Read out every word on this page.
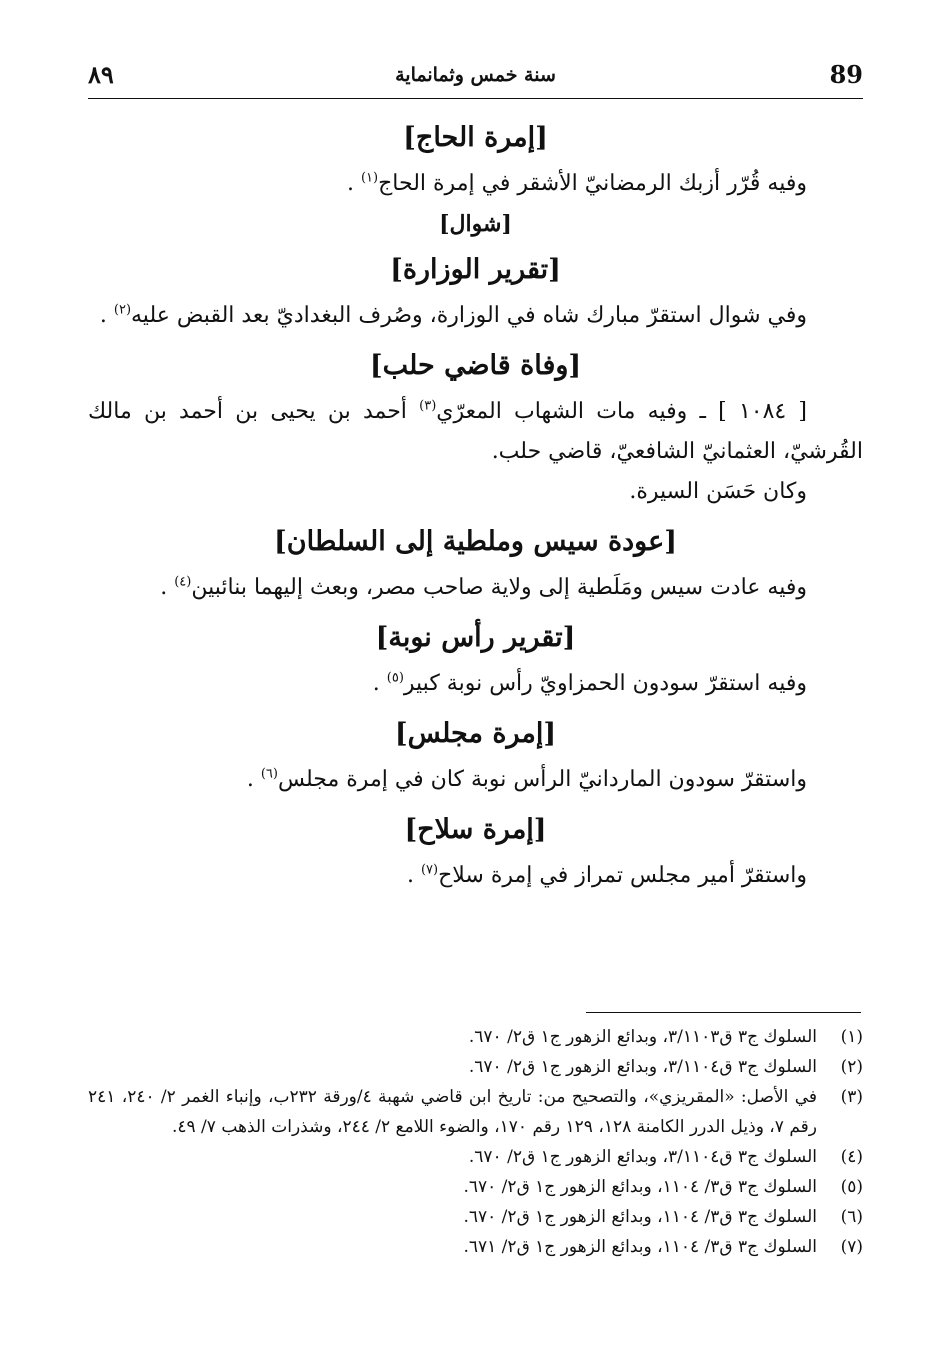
89
سنة خمس وثمانماية
٨٩
[إمرة الحاج]

وفيه قُرّر أزبك الرمضانيّ الأشقر في إمرة الحاج$^{(١)}$ .

[شوال]
[تقرير الوزارة]

وفي شوال استقرّ مبارك شاه في الوزارة، وصُرف البغداديّ بعد القبض عليه$^{(٢)}$ .

[وفاة قاضي حلب]

[ ١٠٨٤ ] ـ وفيه مات الشهاب المعرّي$^{(٣)}$ أحمد بن يحيى بن أحمد بن مالك القُرشيّ، العثمانيّ الشافعيّ، قاضي حلب.

وكان حَسَن السيرة.

[عودة سيس وملطية إلى السلطان]

وفيه عادت سيس ومَلَطية إلى ولاية صاحب مصر، وبعث إليهما بنائبين$^{(٤)}$ .

[تقرير رأس نوبة]

وفيه استقرّ سودون الحمزاويّ رأس نوبة كبير$^{(٥)}$ .

[إمرة مجلس]

واستقرّ سودون الماردانيّ الرأس نوبة كان في إمرة مجلس$^{(٦)}$ .

[إمرة سلاح]

واستقرّ أمير مجلس تمراز في إمرة سلاح$^{(٧)}$ .

(١)
السلوك ج٣ ق٣/١١٠٣، وبدائع الزهور ج١ ق٢/ ٦٧٠.
(٢)
السلوك ج٣ ق٣/١١٠٤، وبدائع الزهور ج١ ق٢/ ٦٧٠.
(٣)
في الأصل: «المقريزي»، والتصحيح من: تاريخ ابن قاضي شهبة ٤/ورقة ٢٣٢ب، وإنباء الغمر ٢/ ٢٤٠، ٢٤١ رقم ٧، وذيل الدرر الكامنة ١٢٨، ١٢٩ رقم ١٧٠، والضوء اللامع ٢/ ٢٤٤، وشذرات الذهب ٧/ ٤٩.
(٤)
السلوك ج٣ ق٣/١١٠٤، وبدائع الزهور ج١ ق٢/ ٦٧٠.
(٥)
السلوك ج٣ ق٣/ ١١٠٤، وبدائع الزهور ج١ ق٢/ ٦٧٠.
(٦)
السلوك ج٣ ق٣/ ١١٠٤، وبدائع الزهور ج١ ق٢/ ٦٧٠.
(٧)
السلوك ج٣ ق٣/ ١١٠٤، وبدائع الزهور ج١ ق٢/ ٦٧١.
